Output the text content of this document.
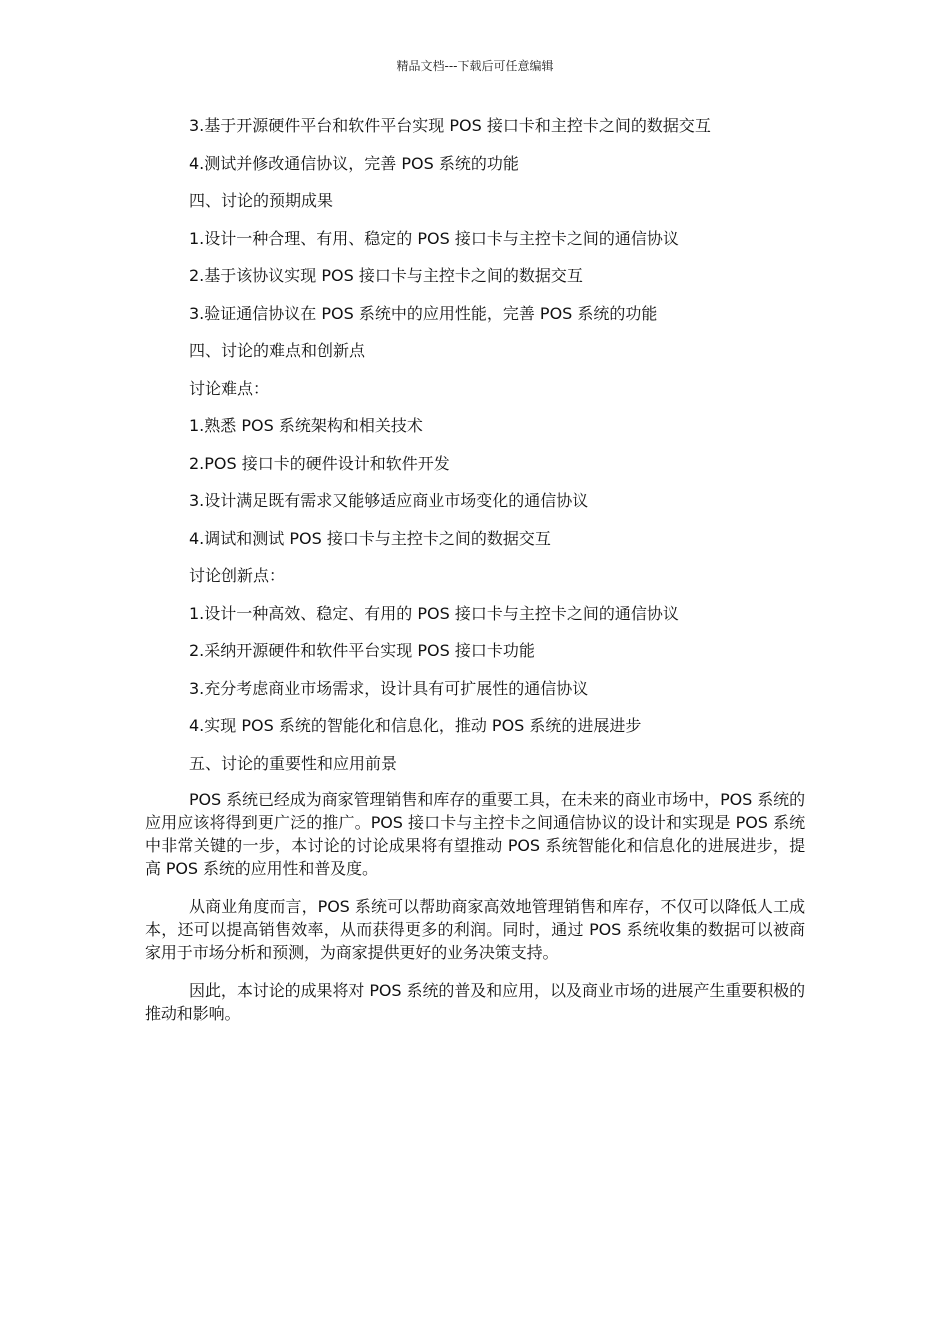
精品文档---下载后可任意编辑
3.基于开源硬件平台和软件平台实现 POS 接口卡和主控卡之间的数据交互
4.测试并修改通信协议，完善 POS 系统的功能
四、讨论的预期成果
1.设计一种合理、有用、稳定的 POS 接口卡与主控卡之间的通信协议
2.基于该协议实现 POS 接口卡与主控卡之间的数据交互
3.验证通信协议在 POS 系统中的应用性能，完善 POS 系统的功能
四、讨论的难点和创新点
讨论难点：
1.熟悉 POS 系统架构和相关技术
2.POS 接口卡的硬件设计和软件开发
3.设计满足既有需求又能够适应商业市场变化的通信协议
4.调试和测试 POS 接口卡与主控卡之间的数据交互
讨论创新点：
1.设计一种高效、稳定、有用的 POS 接口卡与主控卡之间的通信协议
2.采纳开源硬件和软件平台实现 POS 接口卡功能
3.充分考虑商业市场需求，设计具有可扩展性的通信协议
4.实现 POS 系统的智能化和信息化，推动 POS 系统的进展进步
五、讨论的重要性和应用前景
POS 系统已经成为商家管理销售和库存的重要工具，在未来的商业市场中，POS 系统的应用应该将得到更广泛的推广。POS 接口卡与主控卡之间通信协议的设计和实现是 POS 系统中非常关键的一步，本讨论的讨论成果将有望推动 POS 系统智能化和信息化的进展进步，提高 POS 系统的应用性和普及度。
从商业角度而言，POS 系统可以帮助商家高效地管理销售和库存，不仅可以降低人工成本，还可以提高销售效率，从而获得更多的利润。同时，通过 POS 系统收集的数据可以被商家用于市场分析和预测，为商家提供更好的业务决策支持。
因此，本讨论的成果将对 POS 系统的普及和应用，以及商业市场的进展产生重要积极的推动和影响。
